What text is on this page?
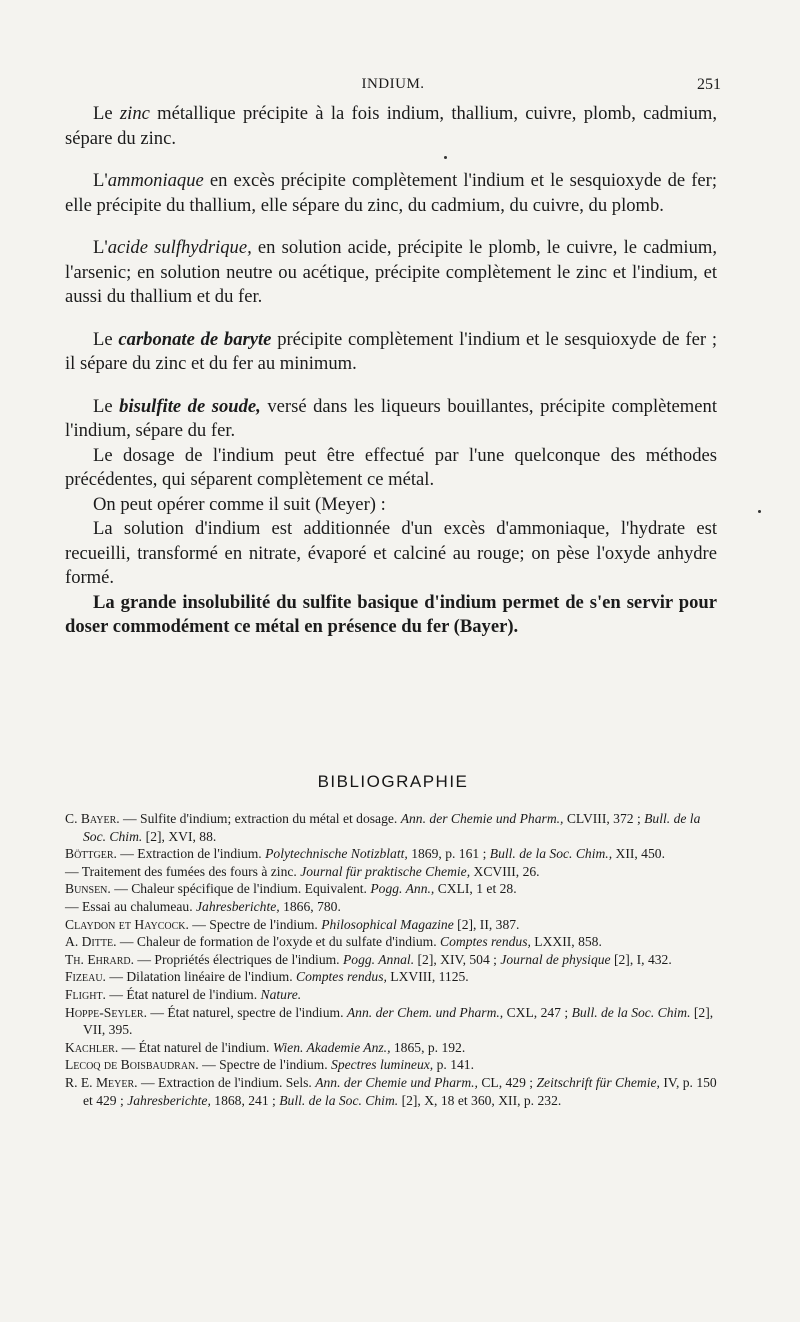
INDIUM.	251

Le zinc métallique précipite à la fois indium, thallium, cuivre, plomb, cadmium, sépare du zinc.

L'ammoniaque en excès précipite complètement l'indium et le sesquioxyde de fer; elle précipite du thallium, elle sépare du zinc, du cadmium, du cuivre, du plomb.

L'acide sulfhydrique, en solution acide, précipite le plomb, le cuivre, le cadmium, l'arsenic; en solution neutre ou acétique, précipite complètement le zinc et l'indium, et aussi du thallium et du fer.

Le carbonate de baryte précipite complètement l'indium et le sesquioxyde de fer ; il sépare du zinc et du fer au minimum.

Le bisulfite de soude, versé dans les liqueurs bouillantes, précipite complètement l'indium, sépare du fer.

Le dosage de l'indium peut être effectué par l'une quelconque des méthodes précédentes, qui séparent complètement ce métal.

On peut opérer comme il suit (Meyer) :

La solution d'indium est additionnée d'un excès d'ammoniaque, l'hydrate est recueilli, transformé en nitrate, évaporé et calciné au rouge; on pèse l'oxyde anhydre formé.

La grande insolubilité du sulfite basique d'indium permet de s'en servir pour doser commodément ce métal en présence du fer (Bayer).

BIBLIOGRAPHIE

C. Bayer. — Sulfite d'indium; extraction du métal et dosage. Ann. der Chemie und Pharm., CLVIII, 372 ; Bull. de la Soc. Chim. [2], XVI, 88.

Böttger. — Extraction de l'indium. Polytechnische Notizblatt, 1869, p. 161 ; Bull. de la Soc. Chim., XII, 450.

— Traitement des fumées des fours à zinc. Journal für praktische Chemie, XCVIII, 26.

Bunsen. — Chaleur spécifique de l'indium. Equivalent. Pogg. Ann., CXLI, 1 et 28.

— Essai au chalumeau. Jahresberichte, 1866, 780.

Claydon et Haycock. — Spectre de l'indium. Philosophical Magazine [2], II, 387.

A. Ditte. — Chaleur de formation de l'oxyde et du sulfate d'indium. Comptes rendus, LXXII, 858.

Th. Ehrard. — Propriétés électriques de l'indium. Pogg. Annal. [2], XIV, 504 ; Journal de physique [2], I, 432.

Fizeau. — Dilatation linéaire de l'indium. Comptes rendus, LXVIII, 1125.

Flight. — État naturel de l'indium. Nature.

Hoppe-Seyler. — État naturel, spectre de l'indium. Ann. der Chem. und Pharm., CXL, 247 ; Bull. de la Soc. Chim. [2], VII, 395.

Kachler. — État naturel de l'indium. Wien. Akademie Anz., 1865, p. 192.

Lecoq de Boisbaudran. — Spectre de l'indium. Spectres lumineux, p. 141.

R. E. Meyer. — Extraction de l'indium. Sels. Ann. der Chemie und Pharm., CL, 429 ; Zeitschrift für Chemie, IV, p. 150 et 429 ; Jahresberichte, 1868, 241 ; Bull. de la Soc. Chim. [2], X, 18 et 360, XII, p. 232.
